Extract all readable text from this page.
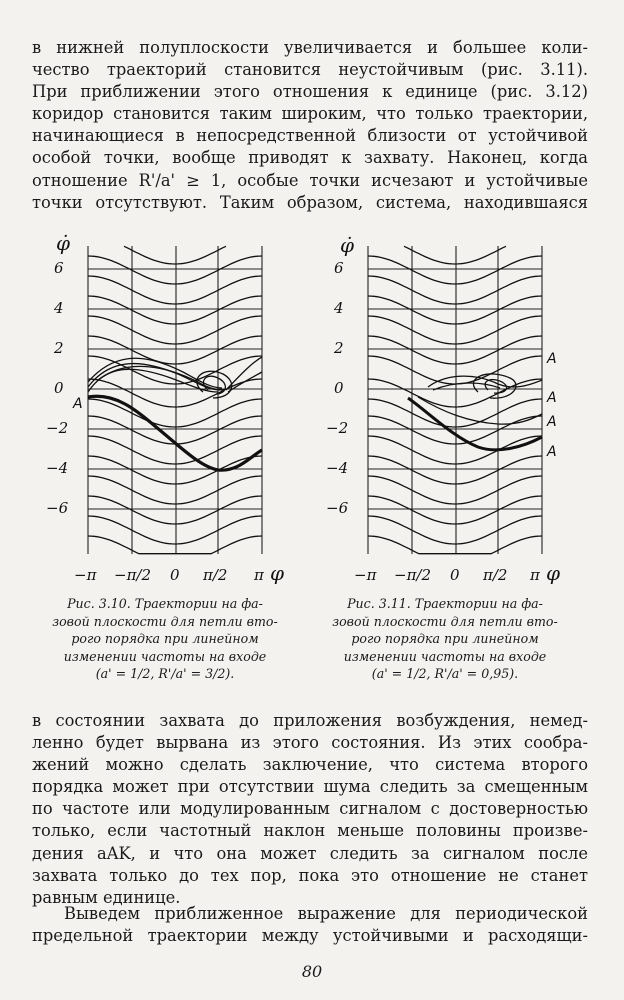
в нижней полуплоскости увеличивается и большее коли-
чество траекторий становится неустойчивым (рис. 3.11).
При приближении этого отношения к единице (рис. 3.12)
коридор становится таким широким, что только траектории,
начинающиеся в непосредственной близости от устойчивой
особой точки, вообще приводят к захвату. Наконец, когда
отношение R'/a' ≥ 1, особые точки исчезают и устойчивые
точки отсутствуют. Таким образом, система, находившаяся
6
4
2
0
−2
−4
−6
φ̇
A
−π −π/2 0 π/2 π φ
6
4
2
0
−2
−4
−6
φ̇
A
A
A
A
−π −π/2 0 π/2 π φ
Рис. 3.10. Траектории на фа-
зовой плоскости для петли вто-
рого порядка при линейном
изменении частоты на входе
(a' = 1/2, R'/a' = 3/2).
Рис. 3.11. Траектории на фа-
зовой плоскости для петли вто-
рого порядка при линейном
изменении частоты на входе
(a' = 1/2, R'/a' = 0,95).
в состоянии захвата до приложения возбуждения, немед-
ленно будет вырвана из этого состояния. Из этих сообра-
жений можно сделать заключение, что система второго
порядка может при отсутствии шума следить за смещенным
по частоте или модулированным сигналом с достоверностью
только, если частотный наклон меньше половины произве-
дения aAK, и что она может следить за сигналом после
захвата только до тех пор, пока это отношение не станет
равным единице.
Выведем приближенное выражение для периодической
предельной траектории между устойчивыми и расходящи-
80
